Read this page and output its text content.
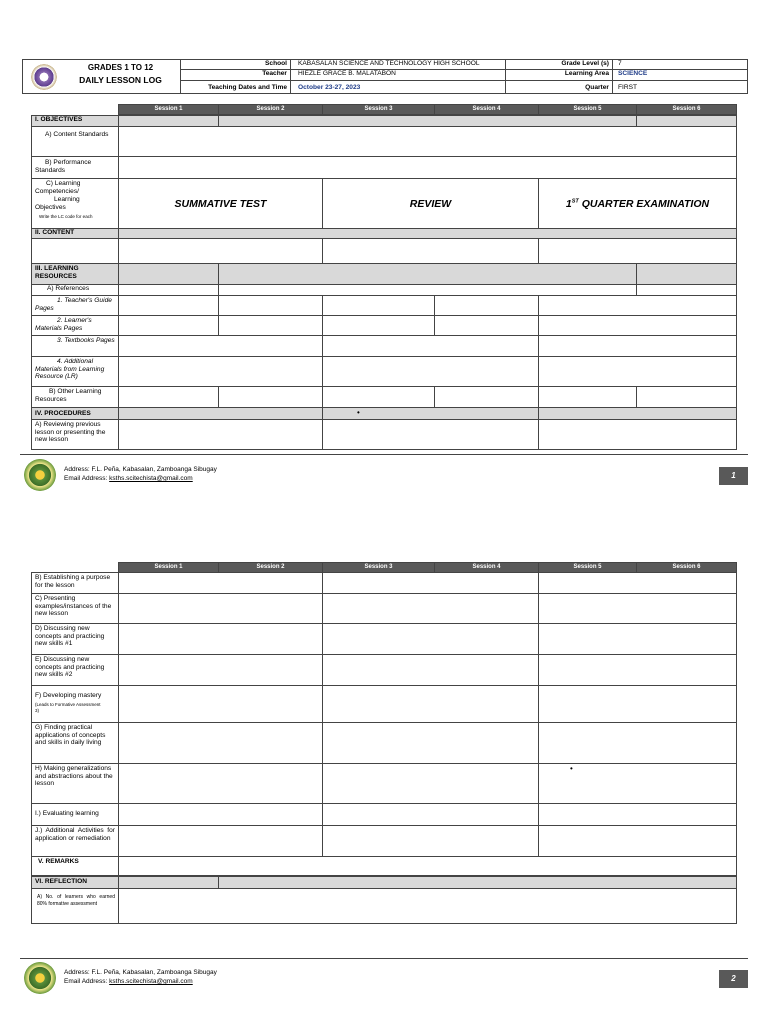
GRADES 1 TO 12
DAILY LESSON LOG
School	KABASALAN SCIENCE AND TECHNOLOGY HIGH SCHOOL
Teacher	HIEZLE GRACE B. MALATABON
Teaching Dates and Time	October 23-27, 2023
Grade Level (s)	7
Learning Area	SCIENCE
Quarter	FIRST
Session 1	Session 2	Session 3	Session 4	Session 5	Session 6
I. OBJECTIVES
A) Content Standards
B) Performance Standards
C) Learning
Competencies/
Learning
Objectives
Write the LC code for each
SUMMATIVE TEST	REVIEW	1ST QUARTER EXAMINATION
II. CONTENT
III. LEARNING RESOURCES
A) References
1. Teacher's Guide Pages
2. Learner's Materials Pages
3. Textbooks Pages
4. Additional Materials from Learning Resource (LR)
B) Other Learning Resources
IV. PROCEDURES	•
A) Reviewing previous lesson or presenting the new lesson
Address: F.L. Peña, Kabasalan, Zamboanga Sibugay
Email Address: ksths.scitechista@gmail.com	1
Session 1	Session 2	Session 3	Session 4	Session 5	Session 6
B) Establishing a purpose for the lesson
C) Presenting examples/instances of the new lesson
D) Discussing new concepts and practicing new skills #1
E) Discussing new concepts and practicing new skills #2
F) Developing mastery
(Leads to Formative Assessment 3)
G) Finding practical applications of concepts and skills in daily living
H) Making generalizations and abstractions about the lesson
•
I.) Evaluating learning
J.) Additional Activities for application or remediation
V. REMARKS
VI. REFLECTION
A) No. of learners who earned 80% formative assessment
Address: F.L. Peña, Kabasalan, Zamboanga Sibugay
Email Address: ksths.scitechista@gmail.com	2
